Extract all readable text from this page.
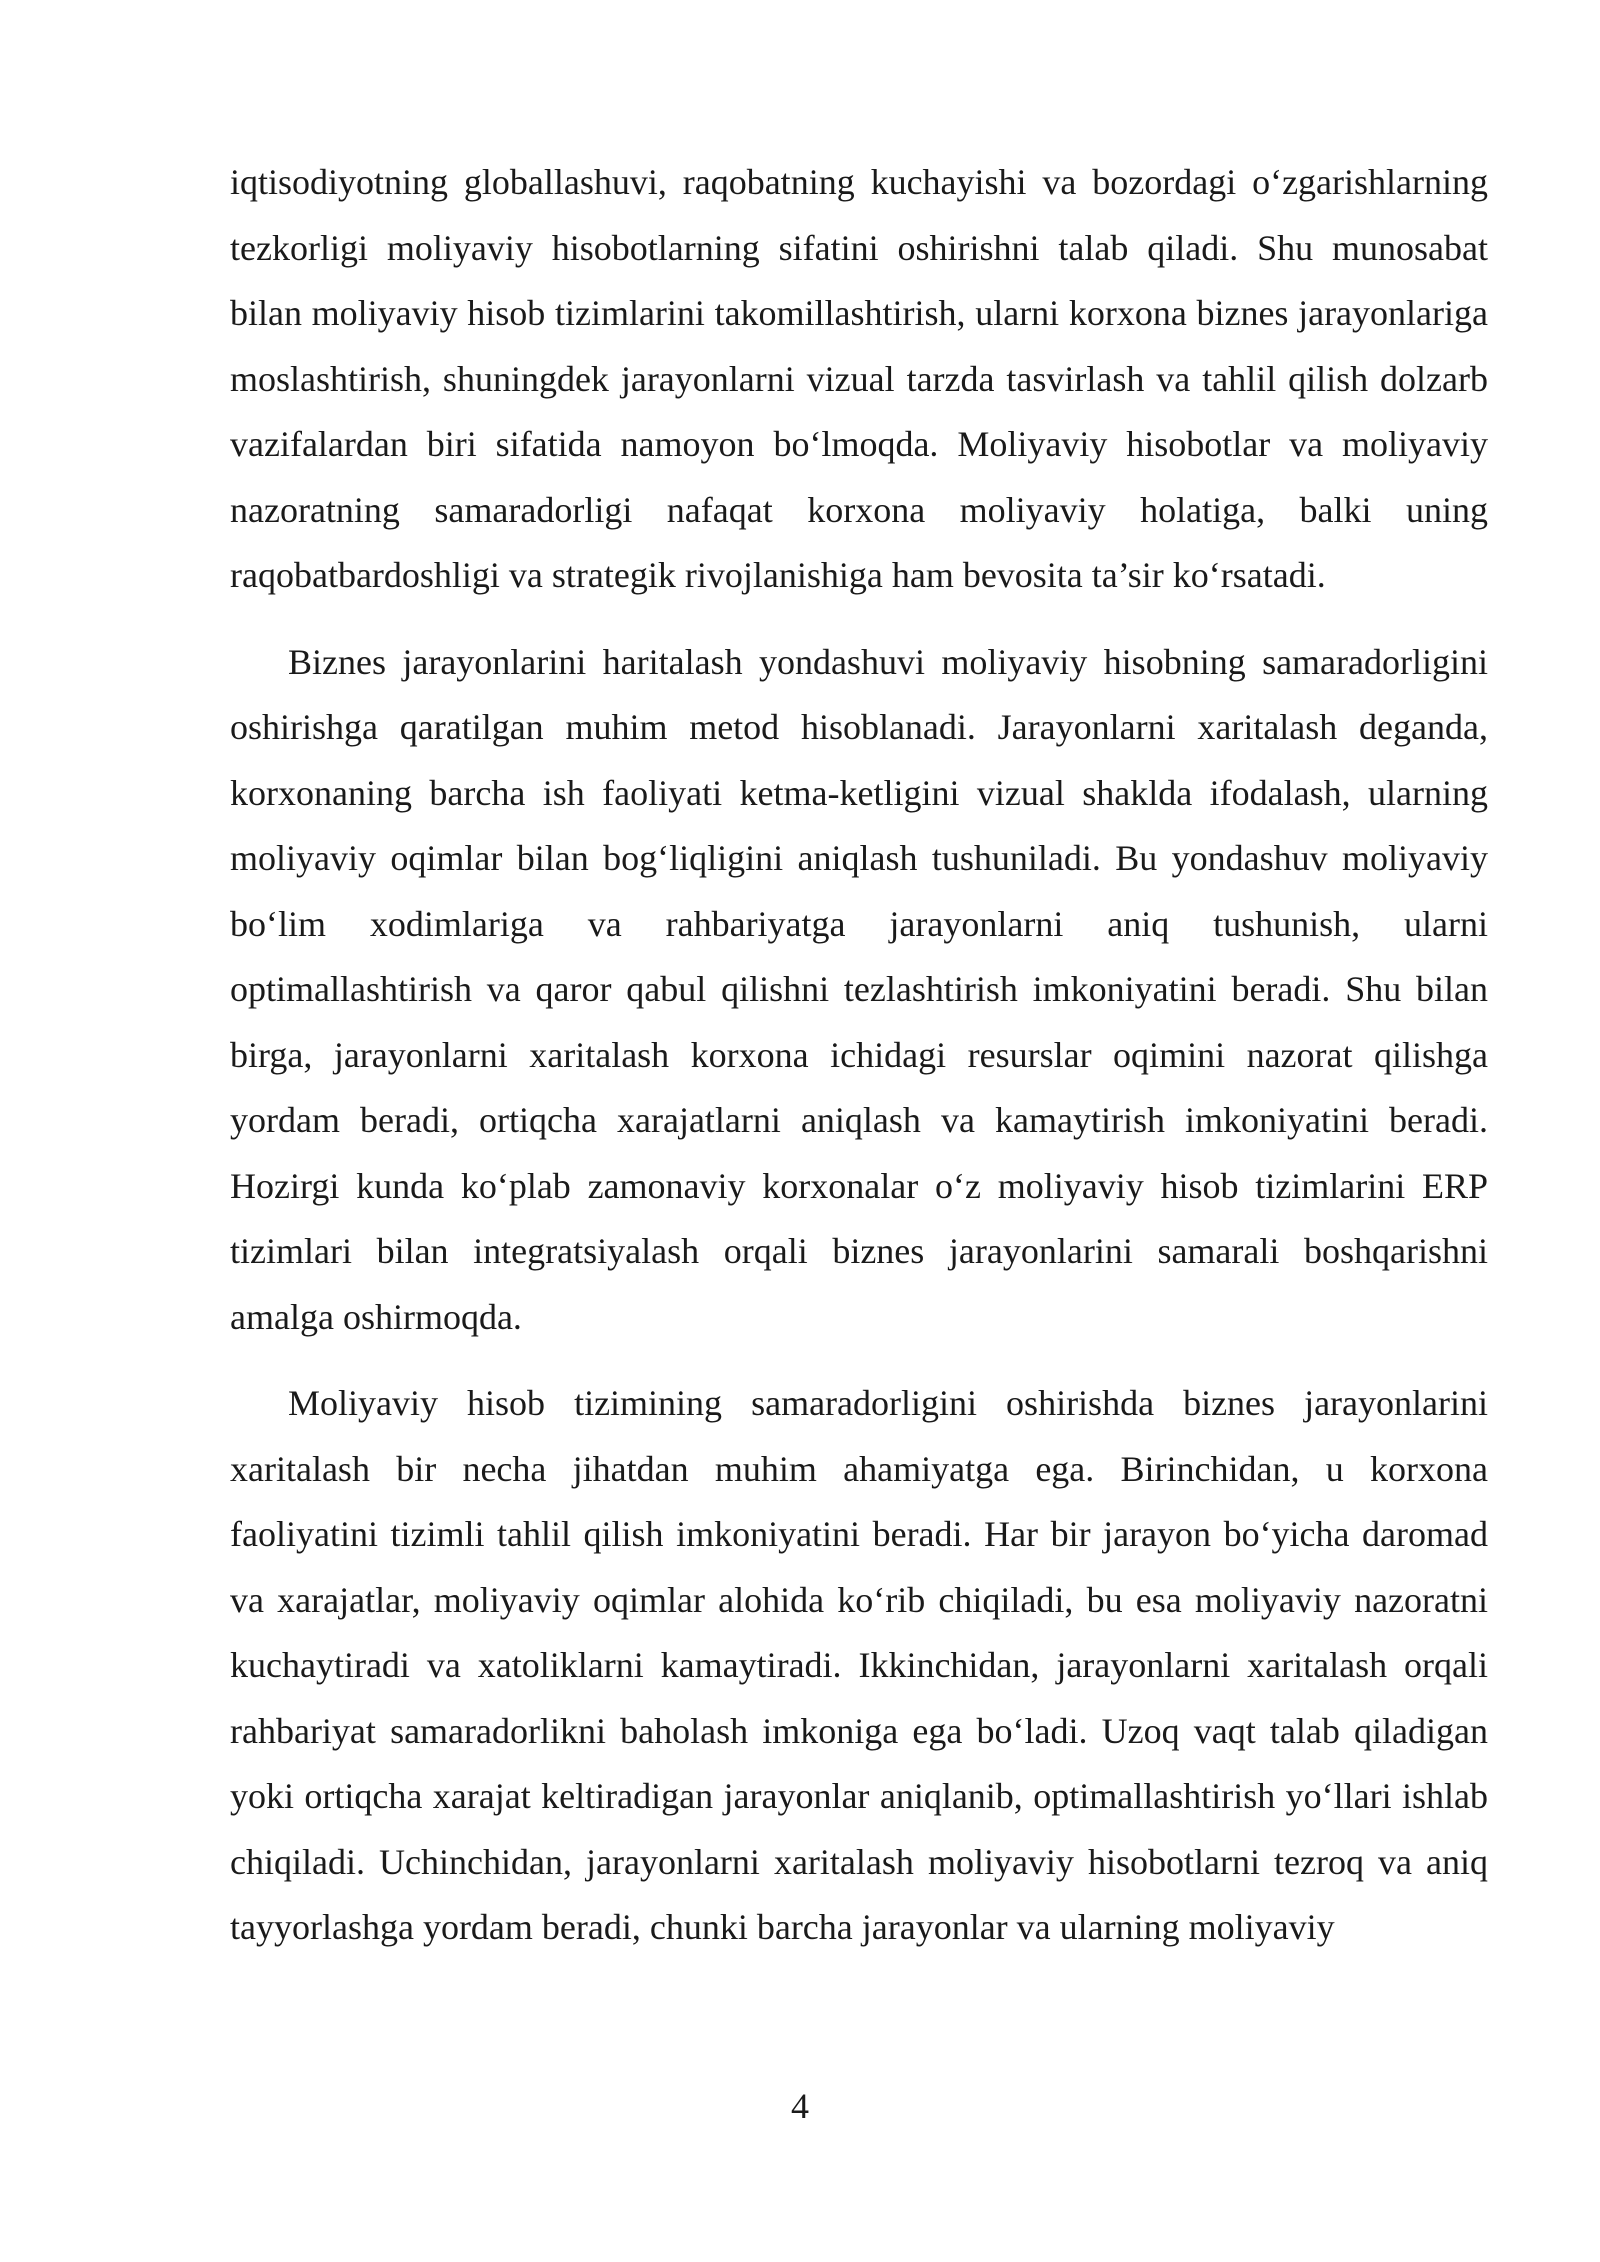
iqtisodiyotning globallashuvi, raqobatning kuchayishi va bozordagi o‘zgarishlarning tezkorligi moliyaviy hisobotlarning sifatini oshirishni talab qiladi. Shu munosabat bilan moliyaviy hisob tizimlarini takomillashtirish, ularni korxona biznes jarayonlariga moslashtirish, shuningdek jarayonlarni vizual tarzda tasvirlash va tahlil qilish dolzarb vazifalardan biri sifatida namoyon bo‘lmoqda. Moliyaviy hisobotlar va moliyaviy nazoratning samaradorligi nafaqat korxona moliyaviy holatiga, balki uning raqobatbardoshligi va strategik rivojlanishiga ham bevosita ta’sir ko‘rsatadi.

Biznes jarayonlarini haritalash yondashuvi moliyaviy hisobning samaradorligini oshirishga qaratilgan muhim metod hisoblanadi. Jarayonlarni xaritalash deganda, korxonaning barcha ish faoliyati ketma-ketligini vizual shaklda ifodalash, ularning moliyaviy oqimlar bilan bog‘liqligini aniqlash tushuniladi. Bu yondashuv moliyaviy bo‘lim xodimlariga va rahbariyatga jarayonlarni aniq tushunish, ularni optimallashtirish va qaror qabul qilishni tezlashtirish imkoniyatini beradi. Shu bilan birga, jarayonlarni xaritalash korxona ichidagi resurslar oqimini nazorat qilishga yordam beradi, ortiqcha xarajatlarni aniqlash va kamaytirish imkoniyatini beradi. Hozirgi kunda ko‘plab zamonaviy korxonalar o‘z moliyaviy hisob tizimlarini ERP tizimlari bilan integratsiyalash orqali biznes jarayonlarini samarali boshqarishni amalga oshirmoqda.

Moliyaviy hisob tizimining samaradorligini oshirishda biznes jarayonlarini xaritalash bir necha jihatdan muhim ahamiyatga ega. Birinchidan, u korxona faoliyatini tizimli tahlil qilish imkoniyatini beradi. Har bir jarayon bo‘yicha daromad va xarajatlar, moliyaviy oqimlar alohida ko‘rib chiqiladi, bu esa moliyaviy nazoratni kuchaytiradi va xatoliklarni kamaytiradi. Ikkinchidan, jarayonlarni xaritalash orqali rahbariyat samaradorlikni baholash imkoniga ega bo‘ladi. Uzoq vaqt talab qiladigan yoki ortiqcha xarajat keltiradigan jarayonlar aniqlanib, optimallashtirish yo‘llari ishlab chiqiladi. Uchinchidan, jarayonlarni xaritalash moliyaviy hisobotlarni tezroq va aniq tayyorlashga yordam beradi, chunki barcha jarayonlar va ularning moliyaviy

4
